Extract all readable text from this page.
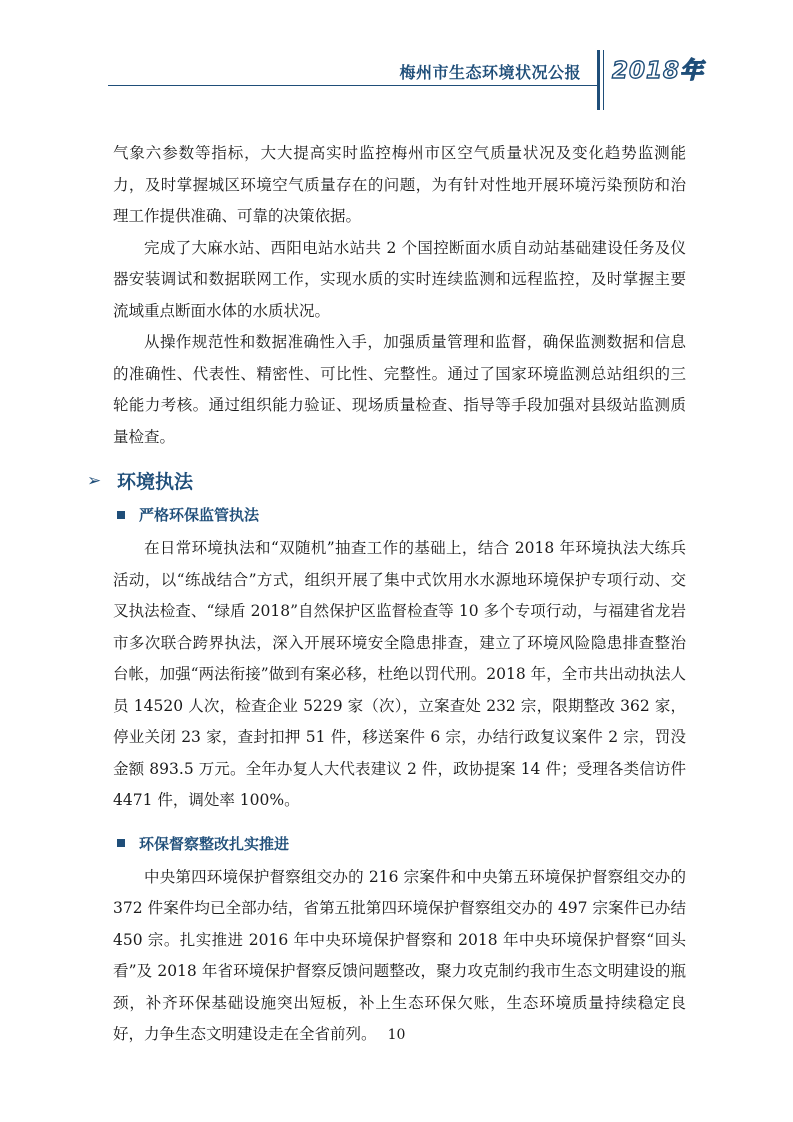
梅州市生态环境状况公报 2018年

气象六参数等指标，大大提高实时监控梅州市区空气质量状况及变化趋势监测能力，及时掌握城区环境空气质量存在的问题，为有针对性地开展环境污染预防和治理工作提供准确、可靠的决策依据。

完成了大麻水站、西阳电站水站共 2 个国控断面水质自动站基础建设任务及仪器安装调试和数据联网工作，实现水质的实时连续监测和远程监控，及时掌握主要流域重点断面水体的水质状况。

从操作规范性和数据准确性入手，加强质量管理和监督，确保监测数据和信息的准确性、代表性、精密性、可比性、完整性。通过了国家环境监测总站组织的三轮能力考核。通过组织能力验证、现场质量检查、指导等手段加强对县级站监测质量检查。

➢ 环境执法
严格环保监管执法

在日常环境执法和“双随机”抽查工作的基础上，结合 2018 年环境执法大练兵活动，以“练战结合”方式，组织开展了集中式饮用水水源地环境保护专项行动、交叉执法检查、“绿盾 2018”自然保护区监督检查等 10 多个专项行动，与福建省龙岩市多次联合跨界执法，深入开展环境安全隐患排查，建立了环境风险隐患排查整治台帐，加强“两法衔接”做到有案必移，杜绝以罚代刑。2018 年，全市共出动执法人员 14520 人次，检查企业 5229 家（次），立案查处 232 宗，限期整改 362 家，停业关闭 23 家，查封扣押 51 件，移送案件 6 宗，办结行政复议案件 2 宗，罚没金额 893.5 万元。全年办复人大代表建议 2 件，政协提案 14 件；受理各类信访件 4471 件，调处率 100%。

环保督察整改扎实推进

中央第四环境保护督察组交办的 216 宗案件和中央第五环境保护督察组交办的 372 件案件均已全部办结，省第五批第四环境保护督察组交办的 497 宗案件已办结 450 宗。扎实推进 2016 年中央环境保护督察和 2018 年中央环境保护督察“回头看”及 2018 年省环境保护督察反馈问题整改，聚力攻克制约我市生态文明建设的瓶颈，补齐环保基础设施突出短板，补上生态环保欠账，生态环境质量持续稳定良好，力争生态文明建设走在全省前列。 10
